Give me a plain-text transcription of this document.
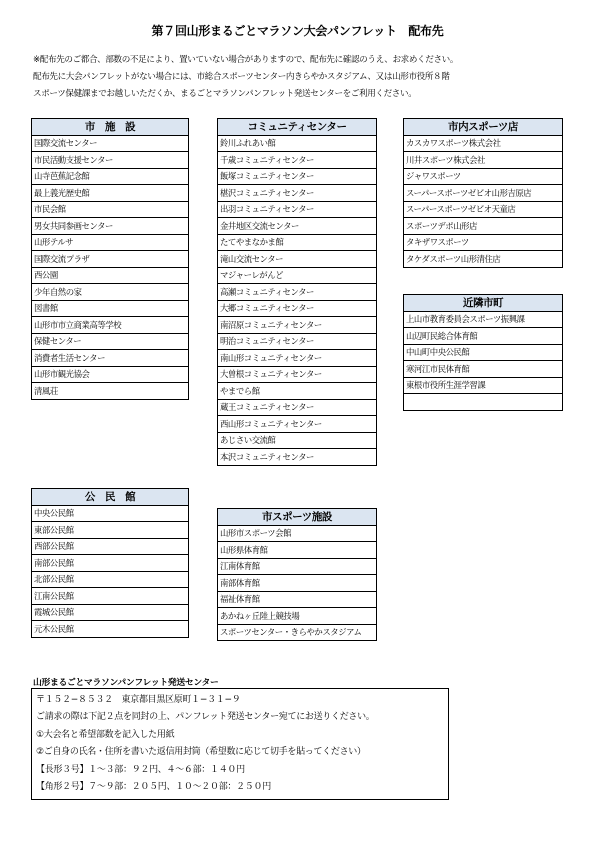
第７回山形まるごとマラソン大会パンフレット　配布先
※配布先のご都合、部数の不足により、置いていない場合がありますので、配布先に確認のうえ、お求めください。
配布先に大会パンフレットがない場合には、市総合スポーツセンター内きらやかスタジアム、又は山形市役所８階
スポーツ保健課までお越しいただくか、まるごとマラソンパンフレット発送センターをご利用ください。
市　施　設
国際交流センター
市民活動支援センター
山寺芭蕉記念館
最上義光歴史館
市民会館
男女共同参画センター
山形テルサ
国際交流プラザ
西公園
少年自然の家
図書館
山形市市立商業高等学校
保健センター
消費者生活センター
山形市観光協会
清風荘
公　民　館
中央公民館
東部公民館
西部公民館
南部公民館
北部公民館
江南公民館
霞城公民館
元木公民館
コミュニティセンター
鈴川ふれあい館
千歳コミュニティセンター
飯塚コミュニティセンター
椹沢コミュニティセンター
出羽コミュニティセンター
金井地区交流センター
たてやまなかま館
滝山交流センター
マジャーレがんど
高瀬コミュニティセンター
大郷コミュニティセンター
南沼原コミュニティセンター
明治コミュニティセンター
南山形コミュニティセンター
大曽根コミュニティセンター
やまでら館
蔵王コミュニティセンター
西山形コミュニティセンター
あじさい交流館
本沢コミュニティセンター
市スポーツ施設
山形市スポーツ会館
山形県体育館
江南体育館
南部体育館
福祉体育館
あかねヶ丘陸上競技場
スポーツセンター・きらやかスタジアム
市内スポーツ店
カスカワスポーツ株式会社
川井スポーツ株式会社
ジャワスポーツ
スーパースポーツゼビオ山形吉原店
スーパースポーツゼビオ天童店
スポーツデポ山形店
タキザワスポーツ
タケダスポーツ山形清住店
近隣市町
上山市教育委員会スポーツ振興課
山辺町民総合体育館
中山町中央公民館
寒河江市民体育館
東根市役所生涯学習課

山形まるごとマラソンパンフレット発送センター
〒１５２−８５３２　東京都目黒区原町１−３１−９
ご請求の際は下記２点を同封の上、パンフレット発送センター宛てにお送りください。
①大会名と希望部数を記入した用紙
②ご自身の氏名・住所を書いた返信用封筒（希望数に応じて切手を貼ってください）
【長形３号】１〜３部：９２円、４〜６部：１４０円
【角形２号】７〜９部：２０５円、１０〜２０部：２５０円
